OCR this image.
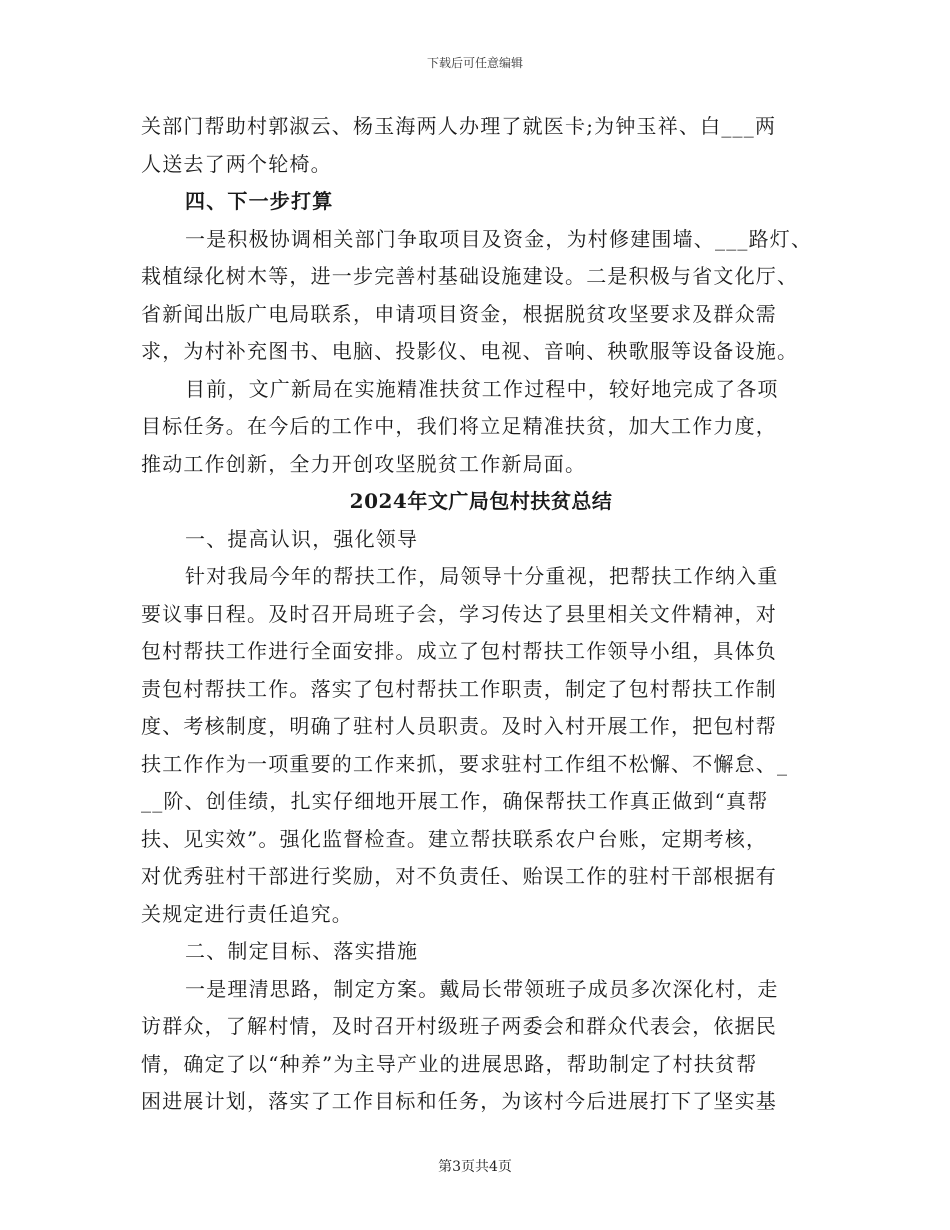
下载后可任意编辑
关部门帮助村郭淑云、杨玉海两人办理了就医卡;为钟玉祥、白___两
人送去了两个轮椅。
四、下一步打算
一是积极协调相关部门争取项目及资金，为村修建围墙、___路灯、
栽植绿化树木等，进一步完善村基础设施建设。二是积极与省文化厅、
省新闻出版广电局联系，申请项目资金，根据脱贫攻坚要求及群众需
求，为村补充图书、电脑、投影仪、电视、音响、秧歌服等设备设施。
目前，文广新局在实施精准扶贫工作过程中，较好地完成了各项
目标任务。在今后的工作中，我们将立足精准扶贫，加大工作力度，
推动工作创新，全力开创攻坚脱贫工作新局面。
2024年文广局包村扶贫总结
一、提高认识，强化领导
针对我局今年的帮扶工作，局领导十分重视，把帮扶工作纳入重
要议事日程。及时召开局班子会，学习传达了县里相关文件精神，对
包村帮扶工作进行全面安排。成立了包村帮扶工作领导小组，具体负
责包村帮扶工作。落实了包村帮扶工作职责，制定了包村帮扶工作制
度、考核制度，明确了驻村人员职责。及时入村开展工作，把包村帮
扶工作作为一项重要的工作来抓，要求驻村工作组不松懈、不懈怠、_
__阶、创佳绩，扎实仔细地开展工作，确保帮扶工作真正做到“真帮
扶、见实效”。强化监督检查。建立帮扶联系农户台账，定期考核，
对优秀驻村干部进行奖励，对不负责任、贻误工作的驻村干部根据有
关规定进行责任追究。
二、制定目标、落实措施
一是理清思路，制定方案。戴局长带领班子成员多次深化村，走
访群众，了解村情，及时召开村级班子两委会和群众代表会，依据民
情，确定了以“种养”为主导产业的进展思路，帮助制定了村扶贫帮
困进展计划，落实了工作目标和任务，为该村今后进展打下了坚实基
第3页共4页
